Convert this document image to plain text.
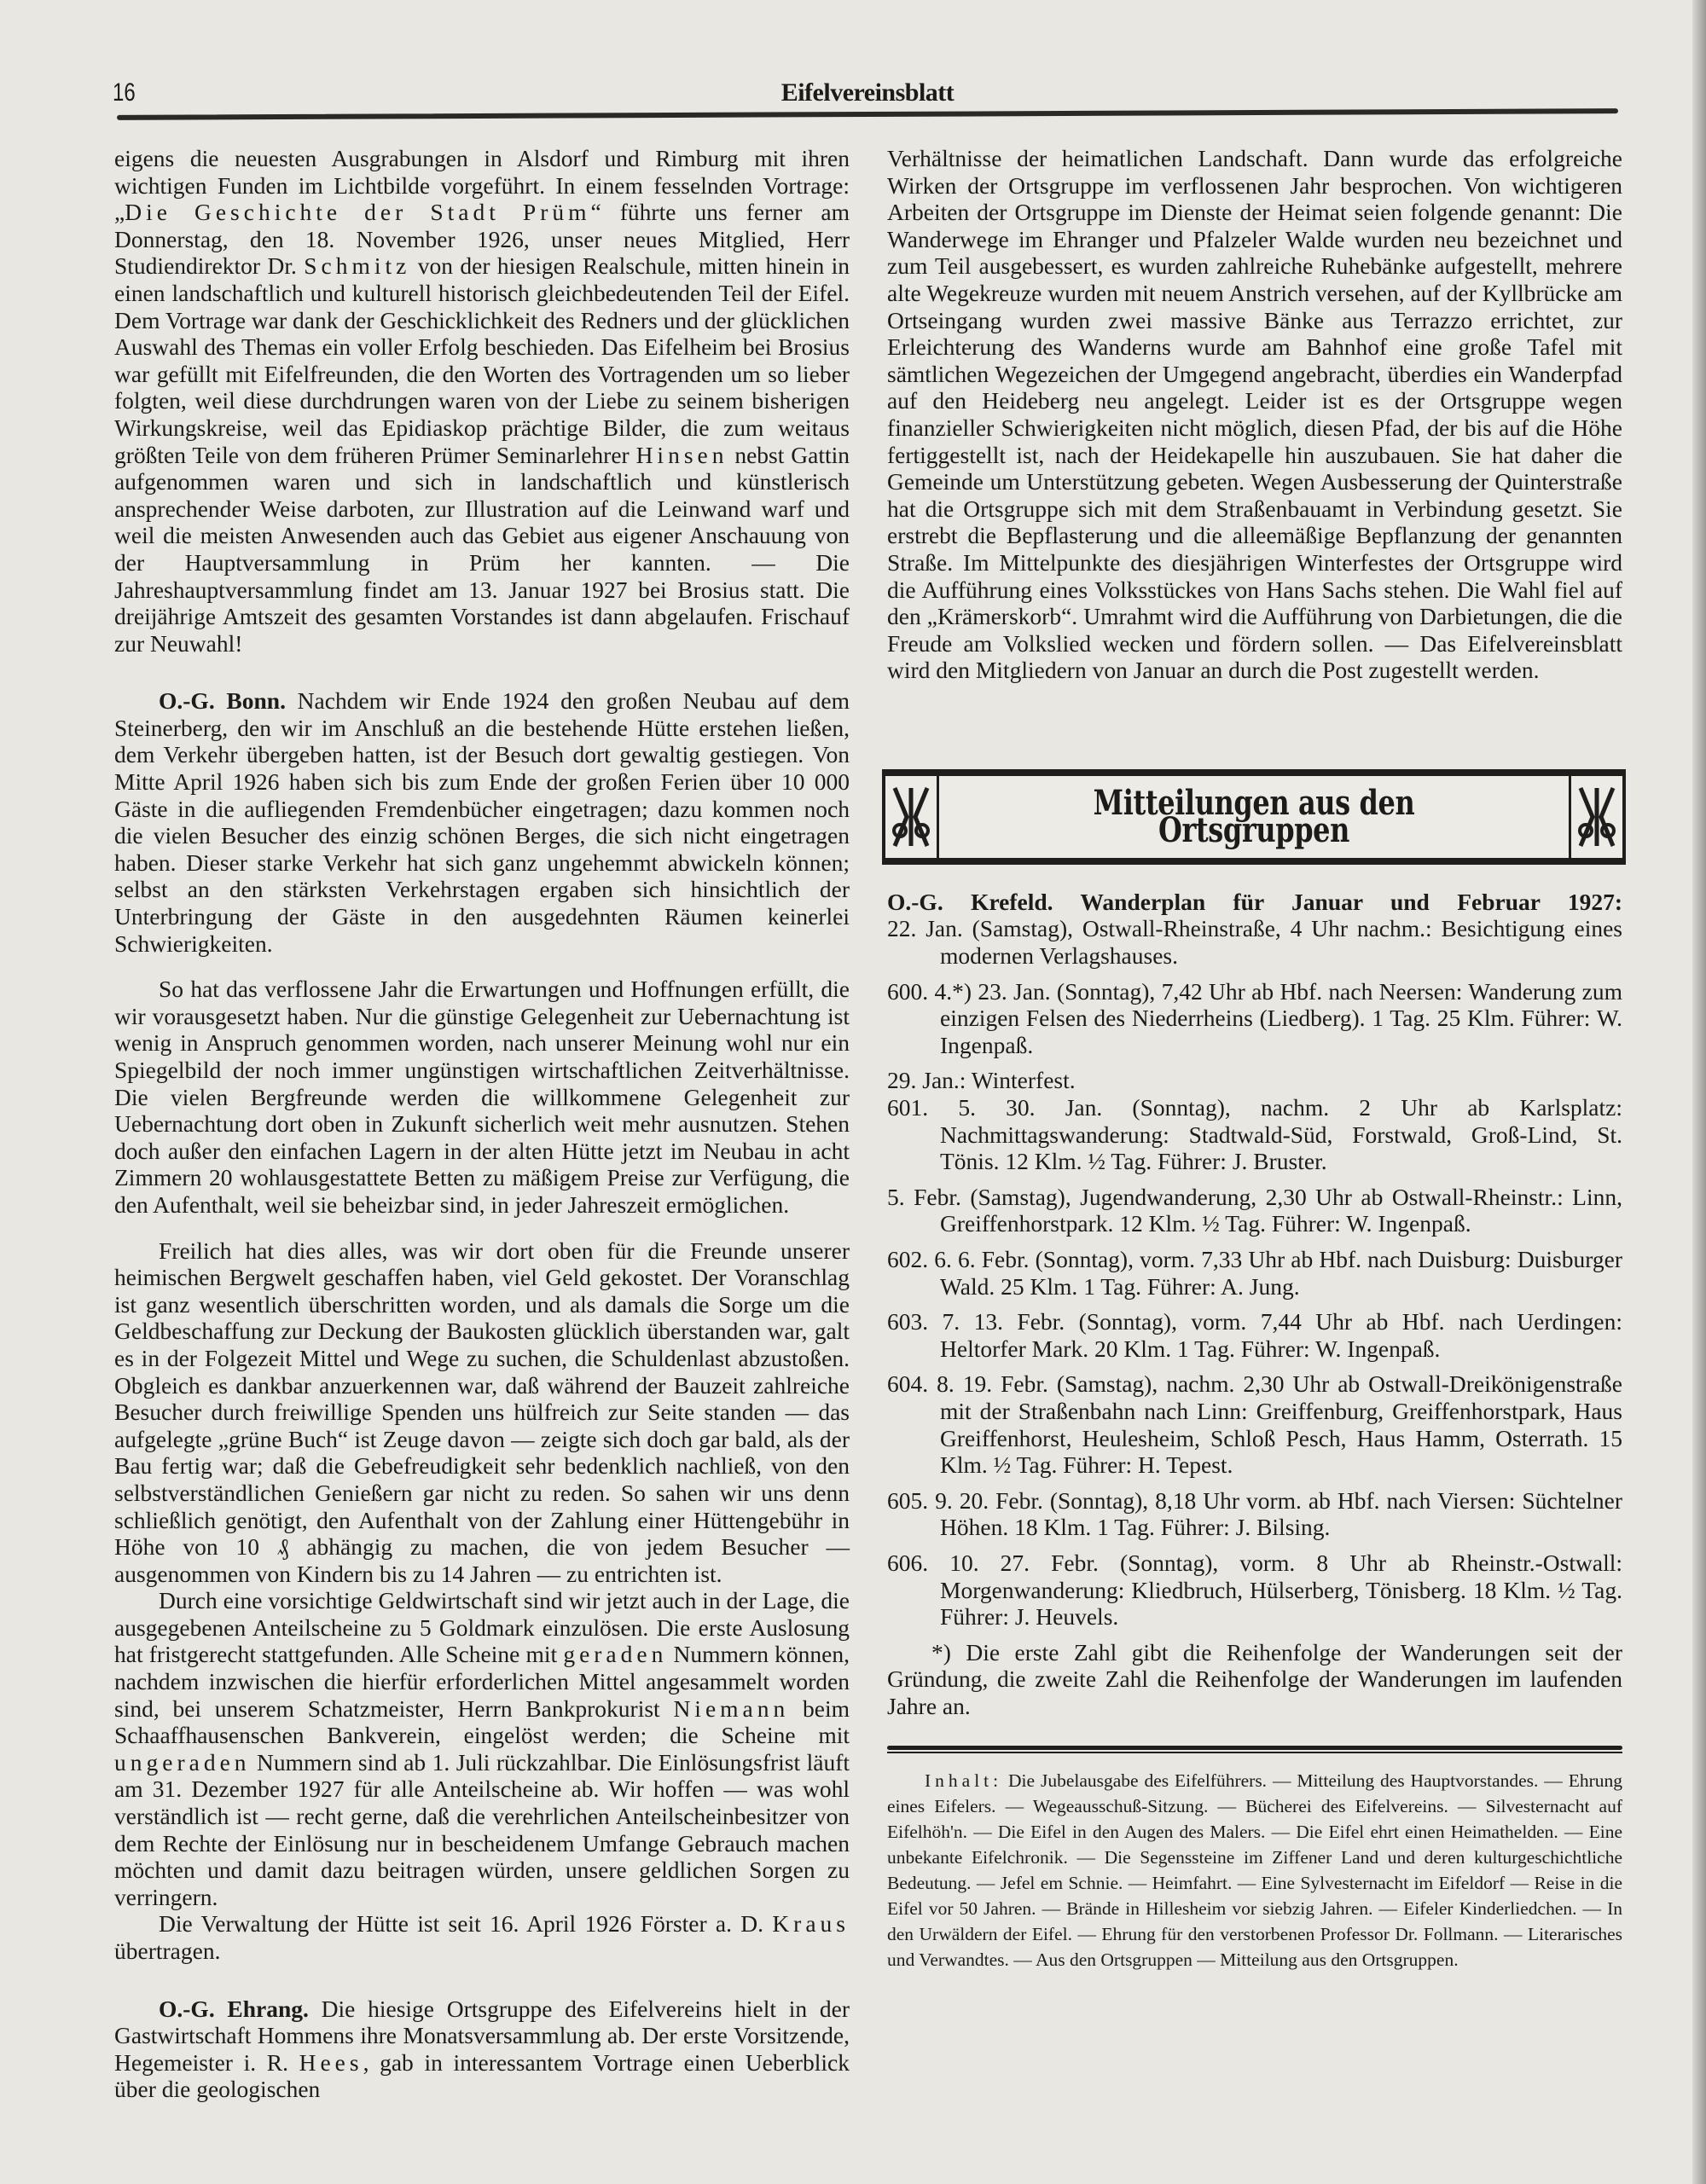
16	Eifelvereinsblatt

eigens die neuesten Ausgrabungen in Alsdorf und Rimburg mit ihren wichtigen Funden im Lichtbilde vorgeführt. In einem fesselnden Vortrage: „Die Geschichte der Stadt Prüm“ führte uns ferner am Donnerstag, den 18. November 1926, unser neues Mitglied, Herr Studiendirektor Dr. Schmitz von der hiesigen Realschule, mitten hinein in einen landschaftlich und kulturell historisch gleichbedeutenden Teil der Eifel. Dem Vortrage war dank der Geschicklichkeit des Redners und der glücklichen Auswahl des Themas ein voller Erfolg beschieden. Das Eifelheim bei Brosius war gefüllt mit Eifelfreunden, die den Worten des Vortragenden um so lieber folgten, weil diese durchdrungen waren von der Liebe zu seinem bisherigen Wirkungskreise, weil das Epidiaskop prächtige Bilder, die zum weitaus größten Teile von dem früheren Prümer Seminarlehrer Hinsen nebst Gattin aufgenommen waren und sich in landschaftlich und künstlerisch ansprechender Weise darboten, zur Illustration auf die Leinwand warf und weil die meisten Anwesenden auch das Gebiet aus eigener Anschauung von der Hauptversammlung in Prüm her kannten. — Die Jahreshauptversammlung findet am 13. Januar 1927 bei Brosius statt. Die dreijährige Amtszeit des gesamten Vorstandes ist dann abgelaufen. Frischauf zur Neuwahl!

O.-G. Bonn. Nachdem wir Ende 1924 den großen Neubau auf dem Steinerberg, den wir im Anschluß an die bestehende Hütte erstehen ließen, dem Verkehr übergeben hatten, ist der Besuch dort gewaltig gestiegen. Von Mitte April 1926 haben sich bis zum Ende der großen Ferien über 10 000 Gäste in die aufliegenden Fremdenbücher eingetragen; dazu kommen noch die vielen Besucher des einzig schönen Berges, die sich nicht eingetragen haben. Dieser starke Verkehr hat sich ganz ungehemmt abwickeln können; selbst an den stärksten Verkehrstagen ergaben sich hinsichtlich der Unterbringung der Gäste in den ausgedehnten Räumen keinerlei Schwierigkeiten.

So hat das verflossene Jahr die Erwartungen und Hoffnungen erfüllt, die wir vorausgesetzt haben. Nur die günstige Gelegenheit zur Uebernachtung ist wenig in Anspruch genommen worden, nach unserer Meinung wohl nur ein Spiegelbild der noch immer ungünstigen wirtschaftlichen Zeitverhältnisse. Die vielen Bergfreunde werden die willkommene Gelegenheit zur Uebernachtung dort oben in Zukunft sicherlich weit mehr ausnutzen. Stehen doch außer den einfachen Lagern in der alten Hütte jetzt im Neubau in acht Zimmern 20 wohlausgestattete Betten zu mäßigem Preise zur Verfügung, die den Aufenthalt, weil sie beheizbar sind, in jeder Jahreszeit ermöglichen.

Freilich hat dies alles, was wir dort oben für die Freunde unserer heimischen Bergwelt geschaffen haben, viel Geld gekostet. Der Voranschlag ist ganz wesentlich überschritten worden, und als damals die Sorge um die Geldbeschaffung zur Deckung der Baukosten glücklich überstanden war, galt es in der Folgezeit Mittel und Wege zu suchen, die Schuldenlast abzustoßen. Obgleich es dankbar anzuerkennen war, daß während der Bauzeit zahlreiche Besucher durch freiwillige Spenden uns hülfreich zur Seite standen — das aufgelegte „grüne Buch“ ist Zeuge davon — zeigte sich doch gar bald, als der Bau fertig war; daß die Gebefreudigkeit sehr bedenklich nachließ, von den selbstverständlichen Genießern gar nicht zu reden. So sahen wir uns denn schließlich genötigt, den Aufenthalt von der Zahlung einer Hüttengebühr in Höhe von 10 ₰ abhängig zu machen, die von jedem Besucher — ausgenommen von Kindern bis zu 14 Jahren — zu entrichten ist.

Durch eine vorsichtige Geldwirtschaft sind wir jetzt auch in der Lage, die ausgegebenen Anteilscheine zu 5 Goldmark einzulösen. Die erste Auslosung hat fristgerecht stattgefunden. Alle Scheine mit geraden Nummern können, nachdem inzwischen die hierfür erforderlichen Mittel angesammelt worden sind, bei unserem Schatzmeister, Herrn Bankprokurist Niemann beim Schaaffhausenschen Bankverein, eingelöst werden; die Scheine mit ungeraden Nummern sind ab 1. Juli rückzahlbar. Die Einlösungsfrist läuft am 31. Dezember 1927 für alle Anteilscheine ab. Wir hoffen — was wohl verständlich ist — recht gerne, daß die verehrlichen Anteilscheinbesitzer von dem Rechte der Einlösung nur in bescheidenem Umfange Gebrauch machen möchten und damit dazu beitragen würden, unsere geldlichen Sorgen zu verringern.

Die Verwaltung der Hütte ist seit 16. April 1926 Förster a. D. Kraus übertragen.

O.-G. Ehrang. Die hiesige Ortsgruppe des Eifelvereins hielt in der Gastwirtschaft Hommens ihre Monatsversammlung ab. Der erste Vorsitzende, Hegemeister i. R. Hees, gab in interessantem Vortrage einen Ueberblick über die geologischen

Verhältnisse der heimatlichen Landschaft. Dann wurde das erfolgreiche Wirken der Ortsgruppe im verflossenen Jahr besprochen. Von wichtigeren Arbeiten der Ortsgruppe im Dienste der Heimat seien folgende genannt: Die Wanderwege im Ehranger und Pfalzeler Walde wurden neu bezeichnet und zum Teil ausgebessert, es wurden zahlreiche Ruhebänke aufgestellt, mehrere alte Wegekreuze wurden mit neuem Anstrich versehen, auf der Kyllbrücke am Ortseingang wurden zwei massive Bänke aus Terrazzo errichtet, zur Erleichterung des Wanderns wurde am Bahnhof eine große Tafel mit sämtlichen Wegezeichen der Umgegend angebracht, überdies ein Wanderpfad auf den Heideberg neu angelegt. Leider ist es der Ortsgruppe wegen finanzieller Schwierigkeiten nicht möglich, diesen Pfad, der bis auf die Höhe fertiggestellt ist, nach der Heidekapelle hin auszubauen. Sie hat daher die Gemeinde um Unterstützung gebeten. Wegen Ausbesserung der Quinterstraße hat die Ortsgruppe sich mit dem Straßenbauamt in Verbindung gesetzt. Sie erstrebt die Bepflasterung und die alleemäßige Bepflanzung der genannten Straße. Im Mittelpunkte des diesjährigen Winterfestes der Ortsgruppe wird die Aufführung eines Volksstückes von Hans Sachs stehen. Die Wahl fiel auf den „Krämerskorb“. Umrahmt wird die Aufführung von Darbietungen, die die Freude am Volkslied wecken und fördern sollen. — Das Eifelvereinsblatt wird den Mitgliedern von Januar an durch die Post zugestellt werden.

Mitteilungen aus den Ortsgruppen

O.-G. Krefeld. Wanderplan für Januar und Februar 1927:

22. Jan. (Samstag), Ostwall-Rheinstraße, 4 Uhr nachm.: Besichtigung eines modernen Verlagshauses.

600. 4.*) 23. Jan. (Sonntag), 7,42 Uhr ab Hbf. nach Neersen: Wanderung zum einzigen Felsen des Niederrheins (Liedberg). 1 Tag. 25 Klm. Führer: W. Ingenpaß.

29. Jan.: Winterfest.

601. 5. 30. Jan. (Sonntag), nachm. 2 Uhr ab Karlsplatz: Nachmittagswanderung: Stadtwald-Süd, Forstwald, Groß-Lind, St. Tönis. 12 Klm. ½ Tag. Führer: J. Bruster.

5. Febr. (Samstag), Jugendwanderung, 2,30 Uhr ab Ostwall-Rheinstr.: Linn, Greiffenhorstpark. 12 Klm. ½ Tag. Führer: W. Ingenpaß.

602. 6. 6. Febr. (Sonntag), vorm. 7,33 Uhr ab Hbf. nach Duisburg: Duisburger Wald. 25 Klm. 1 Tag. Führer: A. Jung.

603. 7. 13. Febr. (Sonntag), vorm. 7,44 Uhr ab Hbf. nach Uerdingen: Heltorfer Mark. 20 Klm. 1 Tag. Führer: W. Ingenpaß.

604. 8. 19. Febr. (Samstag), nachm. 2,30 Uhr ab Ostwall-Dreikönigenstraße mit der Straßenbahn nach Linn: Greiffenburg, Greiffenhorstpark, Haus Greiffenhorst, Heulesheim, Schloß Pesch, Haus Hamm, Osterrath. 15 Klm. ½ Tag. Führer: H. Tepest.

605. 9. 20. Febr. (Sonntag), 8,18 Uhr vorm. ab Hbf. nach Viersen: Süchtelner Höhen. 18 Klm. 1 Tag. Führer: J. Bilsing.

606. 10. 27. Febr. (Sonntag), vorm. 8 Uhr ab Rheinstr.-Ostwall: Morgenwanderung: Kliedbruch, Hülserberg, Tönisberg. 18 Klm. ½ Tag. Führer: J. Heuvels.

*) Die erste Zahl gibt die Reihenfolge der Wanderungen seit der Gründung, die zweite Zahl die Reihenfolge der Wanderungen im laufenden Jahre an.

Inhalt: Die Jubelausgabe des Eifelführers. — Mitteilung des Hauptvorstandes. — Ehrung eines Eifelers. — Wegeausschuß-Sitzung. — Bücherei des Eifelvereins. — Silvesternacht auf Eifelhöh'n. — Die Eifel in den Augen des Malers. — Die Eifel ehrt einen Heimathelden. — Eine unbekante Eifelchronik. — Die Segenssteine im Ziffener Land und deren kulturgeschichtliche Bedeutung. — Jefel em Schnie. — Heimfahrt. — Eine Sylvesternacht im Eifeldorf — Reise in die Eifel vor 50 Jahren. — Brände in Hillesheim vor siebzig Jahren. — Eifeler Kinderliedchen. — In den Urwäldern der Eifel. — Ehrung für den verstorbenen Professor Dr. Follmann. — Literarisches und Verwandtes. — Aus den Ortsgruppen — Mitteilung aus den Ortsgruppen.
